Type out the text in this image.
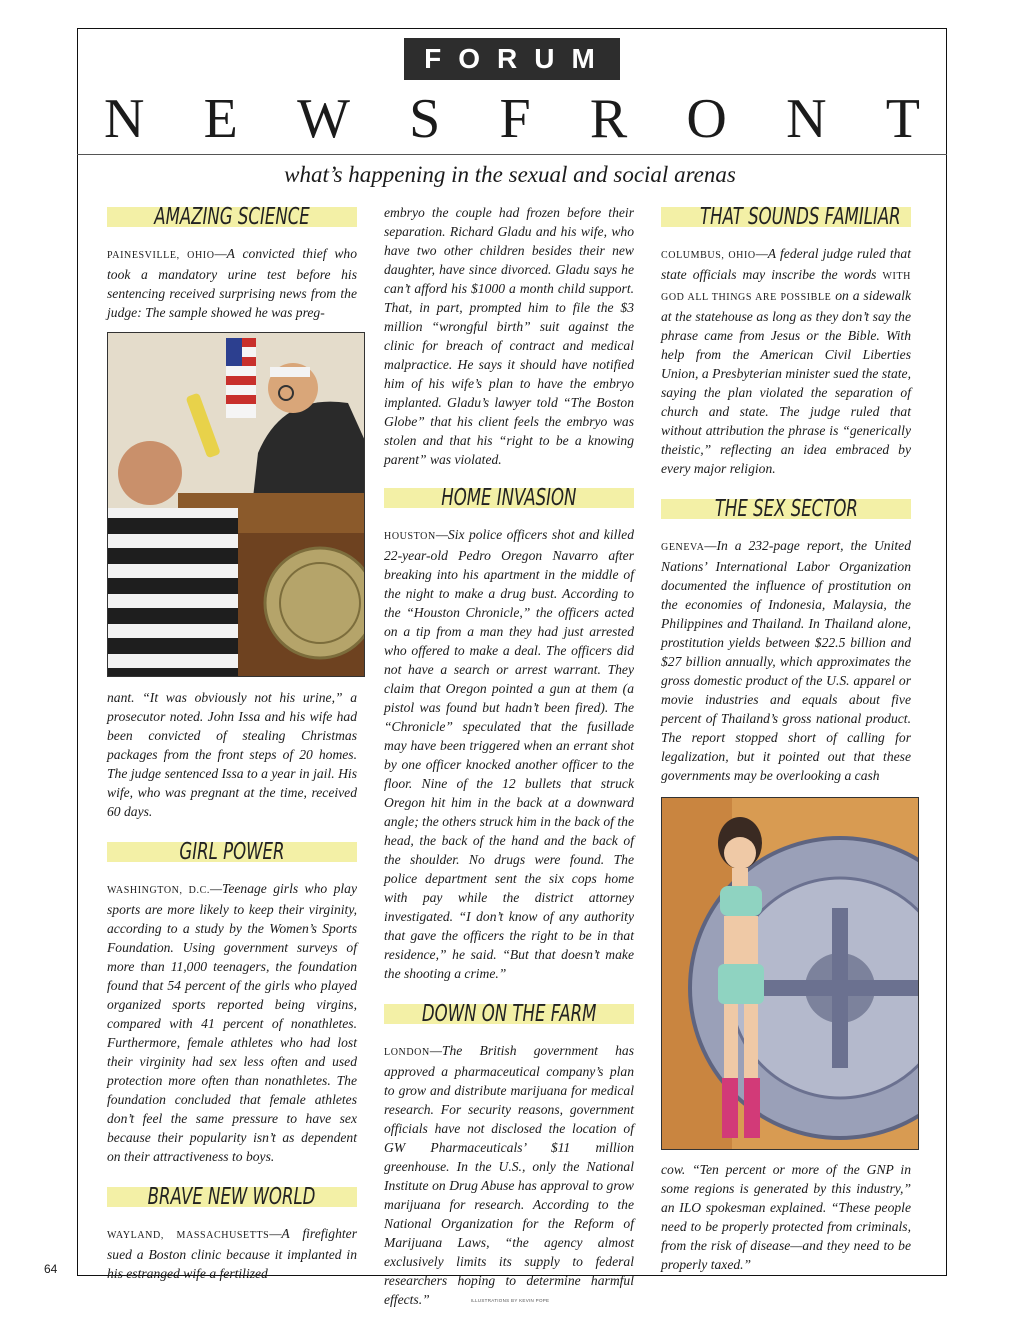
FORUM
N E W S F R O N T
what’s happening in the sexual and social arenas
AMAZING SCIENCE

PAINESVILLE, OHIO—A convicted thief who took a mandatory urine test before his sentencing received surprising news from the judge: The sample showed he was preg-

nant. “It was obviously not his urine,” a prosecutor noted. John Issa and his wife had been convicted of stealing Christmas packages from the front steps of 20 homes. The judge sentenced Issa to a year in jail. His wife, who was pregnant at the time, received 60 days.

GIRL POWER

WASHINGTON, D.C.—Teenage girls who play sports are more likely to keep their virginity, according to a study by the Women’s Sports Foundation. Using government surveys of more than 11,000 teenagers, the foundation found that 54 percent of the girls who played organized sports reported being virgins, compared with 41 percent of nonathletes. Furthermore, female athletes who had lost their virginity had sex less often and used protection more often than nonathletes. The foundation concluded that female athletes don’t feel the same pressure to have sex because their popularity isn’t as dependent on their attractiveness to boys.

BRAVE NEW WORLD

WAYLAND, MASSACHUSETTS—A firefighter sued a Boston clinic because it implanted in his estranged wife a fertilized

embryo the couple had frozen before their separation. Richard Gladu and his wife, who have two other children besides their new daughter, have since divorced. Gladu says he can’t afford his $1000 a month child support. That, in part, prompted him to file the $3 million “wrongful birth” suit against the clinic for breach of contract and medical malpractice. He says it should have notified him of his wife’s plan to have the embryo implanted. Gladu’s lawyer told “The Boston Globe” that his client feels the embryo was stolen and that his “right to be a knowing parent” was violated.

HOME INVASION

HOUSTON—Six police officers shot and killed 22-year-old Pedro Oregon Navarro after breaking into his apartment in the middle of the night to make a drug bust. According to the “Houston Chronicle,” the officers acted on a tip from a man they had just arrested who offered to make a deal. The officers did not have a search or arrest warrant. They claim that Oregon pointed a gun at them (a pistol was found but hadn’t been fired). The “Chronicle” speculated that the fusillade may have been triggered when an errant shot by one officer knocked another officer to the floor. Nine of the 12 bullets that struck Oregon hit him in the back at a downward angle; the others struck him in the back of the head, the back of the hand and the back of the shoulder. No drugs were found. The police department sent the six cops home with pay while the district attorney investigated. “I don’t know of any authority that gave the officers the right to be in that residence,” he said. “But that doesn’t make the shooting a crime.”

DOWN ON THE FARM

LONDON—The British government has approved a pharmaceutical company’s plan to grow and distribute marijuana for medical research. For security reasons, government officials have not disclosed the location of GW Pharmaceuticals’ $11 million greenhouse. In the U.S., only the National Institute on Drug Abuse has approval to grow marijuana for research. According to the National Organization for the Reform of Marijuana Laws, “the agency almost exclusively limits its supply to federal researchers hoping to determine harmful effects.”

THAT SOUNDS FAMILIAR

COLUMBUS, OHIO—A federal judge ruled that state officials may inscribe the words WITH GOD ALL THINGS ARE POSSIBLE on a sidewalk at the statehouse as long as they don’t say the phrase came from Jesus or the Bible. With help from the American Civil Liberties Union, a Presbyterian minister sued the state, saying the plan violated the separation of church and state. The judge ruled that without attribution the phrase is “generically theistic,” reflecting an idea embraced by every major religion.

THE SEX SECTOR

GENEVA—In a 232-page report, the United Nations’ International Labor Organization documented the influence of prostitution on the economies of Indonesia, Malaysia, the Philippines and Thailand. In Thailand alone, prostitution yields between $22.5 billion and $27 billion annually, which approximates the gross domestic product of the U.S. apparel or movie industries and equals about five percent of Thailand’s gross national product. The report stopped short of calling for legalization, but it pointed out that these governments may be overlooking a cash

cow. “Ten percent or more of the GNP in some regions is generated by this industry,” an ILO spokesman explained. “These people need to be properly protected from criminals, from the risk of disease—and they need to be properly taxed.”

64
ILLUSTRATIONS BY KEVIN POPE
